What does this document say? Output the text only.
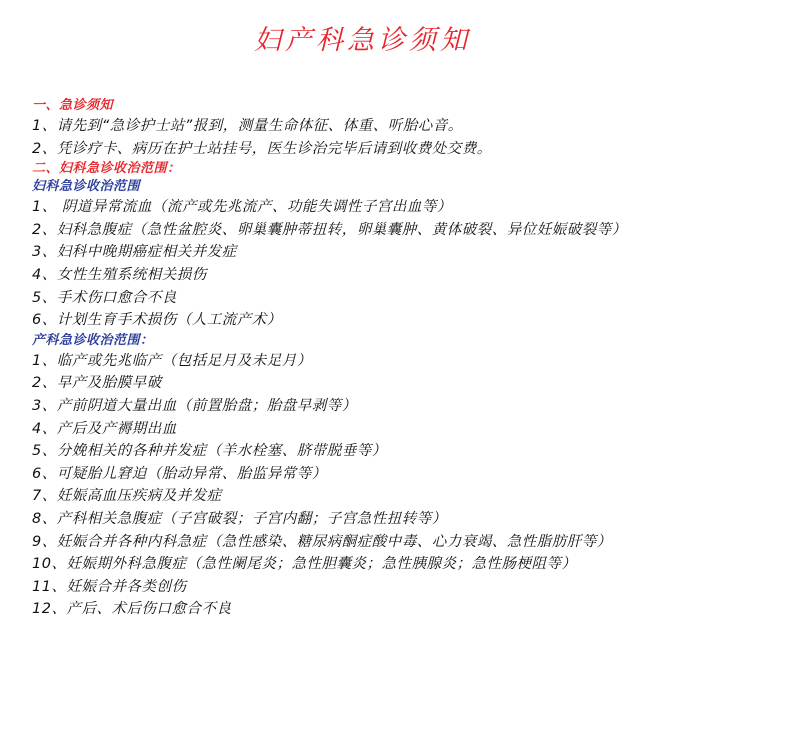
妇产科急诊须知
一、急诊须知
1、请先到“急诊护士站”报到，测量生命体征、体重、听胎心音。
2、凭诊疗卡、病历在护士站挂号，医生诊治完毕后请到收费处交费。
二、妇科急诊收治范围：
妇科急诊收治范围
1、 阴道异常流血（流产或先兆流产、功能失调性子宫出血等）
2、妇科急腹症（急性盆腔炎、卵巢囊肿蒂扭转，卵巢囊肿、黄体破裂、异位妊娠破裂等）
3、妇科中晚期癌症相关并发症
4、女性生殖系统相关损伤
5、手术伤口愈合不良
6、计划生育手术损伤（人工流产术）
产科急诊收治范围：
1、临产或先兆临产（包括足月及未足月）
2、早产及胎膜早破
3、产前阴道大量出血（前置胎盘；胎盘早剥等）
4、产后及产褥期出血
5、分娩相关的各种并发症（羊水栓塞、脐带脱垂等）
6、可疑胎儿窘迫（胎动异常、胎监异常等）
7、妊娠高血压疾病及并发症
8、产科相关急腹症（子宫破裂；子宫内翻；子宫急性扭转等）
9、妊娠合并各种内科急症（急性感染、糖尿病酮症酸中毒、心力衰竭、急性脂肪肝等）
10、妊娠期外科急腹症（急性阑尾炎；急性胆囊炎；急性胰腺炎；急性肠梗阻等）
11、妊娠合并各类创伤
12、产后、术后伤口愈合不良
